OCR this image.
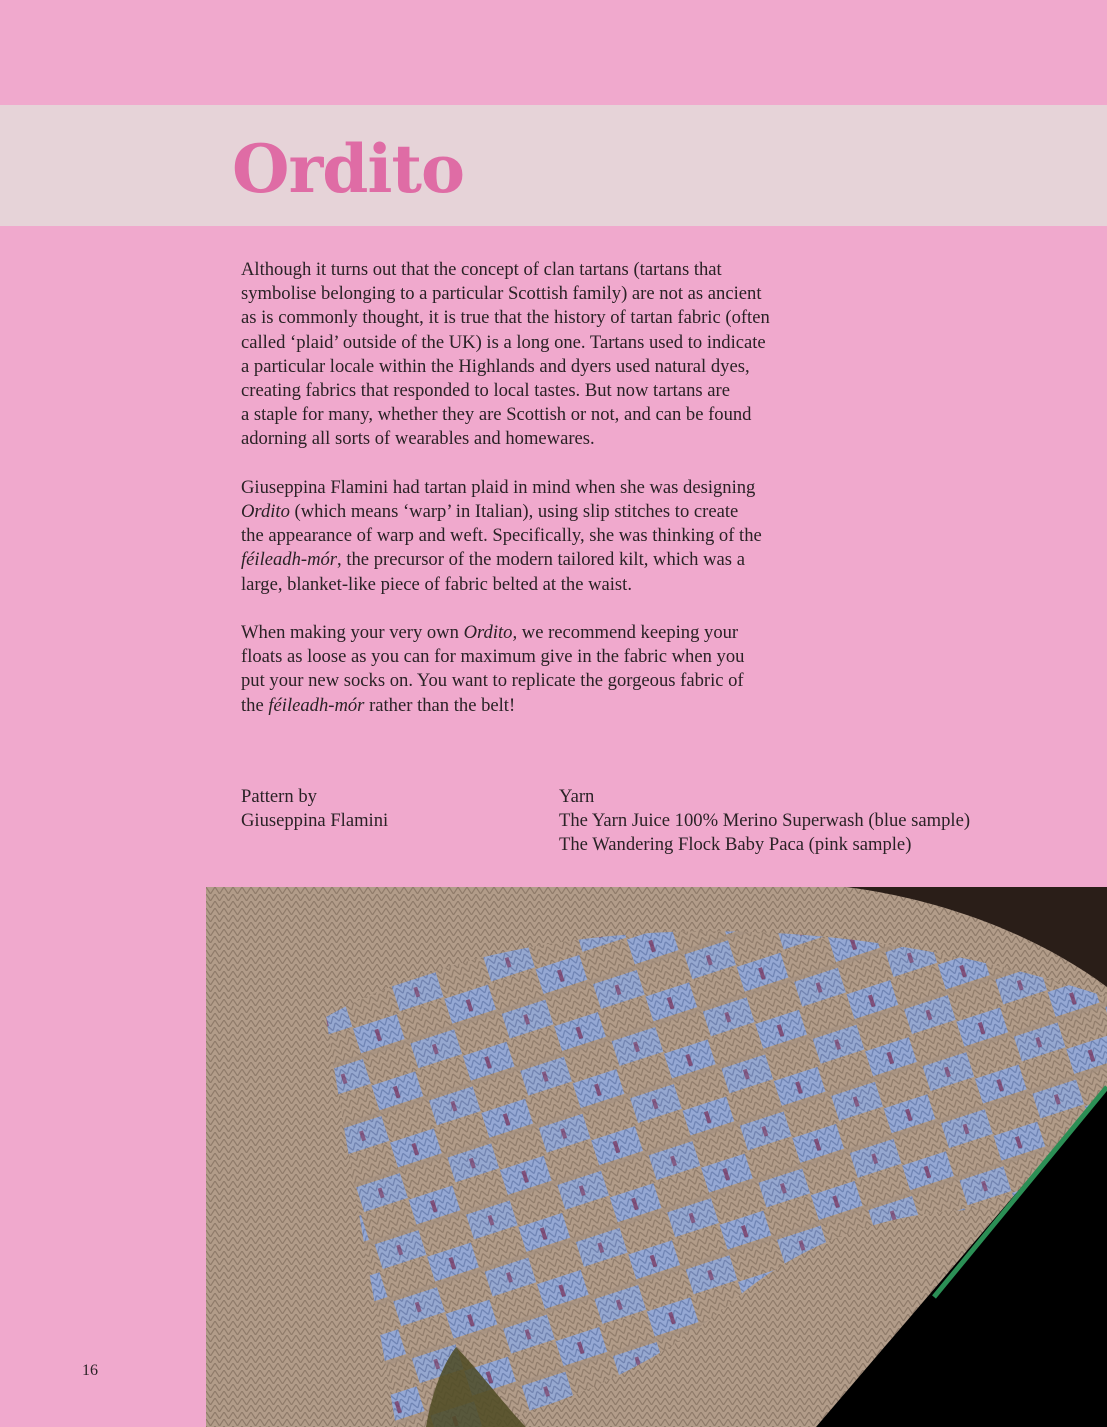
Ordito

Although it turns out that the concept of clan tartans (tartans that
symbolise belonging to a particular Scottish family) are not as ancient
as is commonly thought, it is true that the history of tartan fabric (often
called ‘plaid’ outside of the UK) is a long one. Tartans used to indicate
a particular locale within the Highlands and dyers used natural dyes,
creating fabrics that responded to local tastes. But now tartans are
a staple for many, whether they are Scottish or not, and can be found
adorning all sorts of wearables and homewares.

Giuseppina Flamini had tartan plaid in mind when she was designing
Ordito (which means ‘warp’ in Italian), using slip stitches to create
the appearance of warp and weft. Specifically, she was thinking of the
féileadh-mór, the precursor of the modern tailored kilt, which was a
large, blanket-like piece of fabric belted at the waist.

When making your very own Ordito, we recommend keeping your
floats as loose as you can for maximum give in the fabric when you
put your new socks on. You want to replicate the gorgeous fabric of
the féileadh-mór rather than the belt!

Pattern by
Giuseppina Flamini
Yarn
The Yarn Juice 100% Merino Superwash (blue sample)
The Wandering Flock Baby Paca (pink sample)
16
